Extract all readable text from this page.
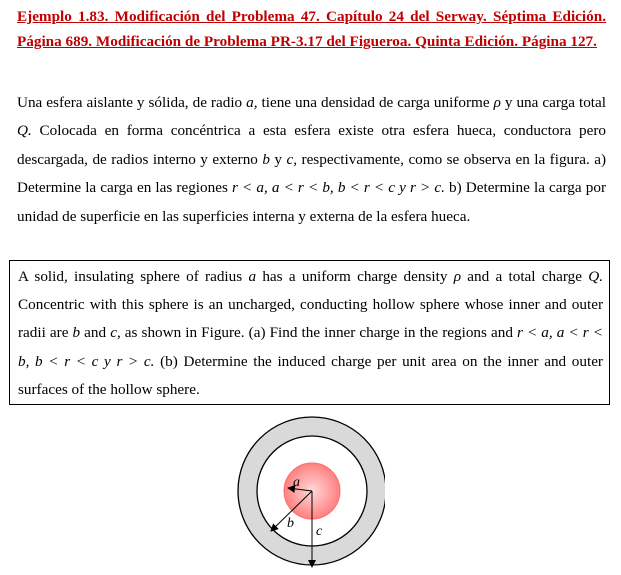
Ejemplo 1.83. Modificación del Problema 47. Capítulo 24 del Serway. Séptima Edición. Página 689. Modificación de Problema PR-3.17 del Figueroa. Quinta Edición. Página 127.
Una esfera aislante y sólida, de radio a, tiene una densidad de carga uniforme ρ y una carga total Q. Colocada en forma concéntrica a esta esfera existe otra esfera hueca, conductora pero descargada, de radios interno y externo b y c, respectivamente, como se observa en la figura. a) Determine la carga en las regiones r < a, a < r < b, b < r < c y r > c. b) Determine la carga por unidad de superficie en las superficies interna y externa de la esfera hueca.
A solid, insulating sphere of radius a has a uniform charge density ρ and a total charge Q. Concentric with this sphere is an uncharged, conducting hollow sphere whose inner and outer radii are b and c, as shown in Figure. (a) Find the inner charge in the regions and r < a, a < r < b, b < r < c y r > c. (b) Determine the induced charge per unit area on the inner and outer surfaces of the hollow sphere.
a
b
c
